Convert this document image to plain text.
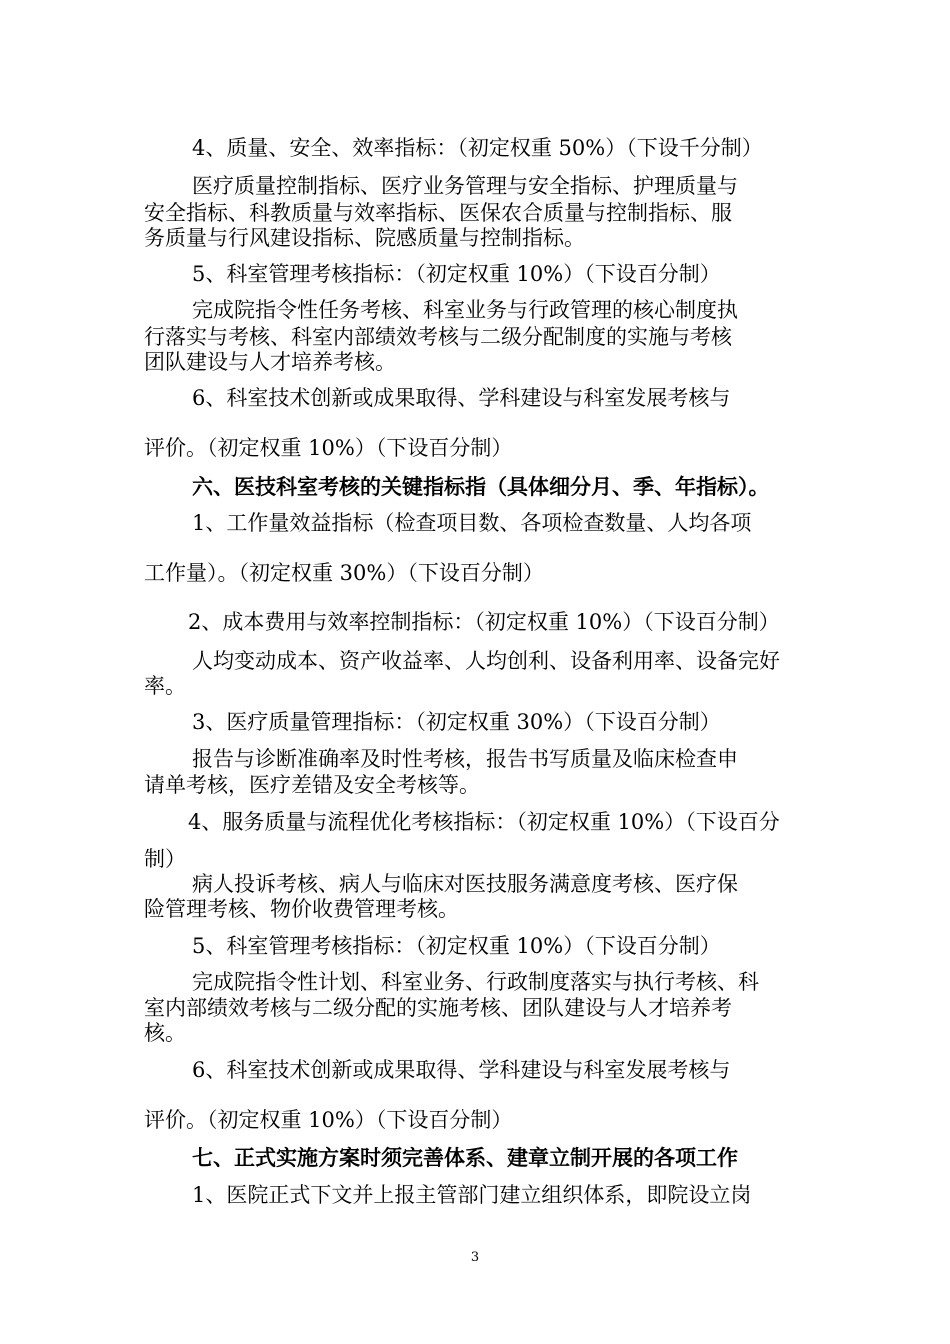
4、质量、安全、效率指标：（初定权重 50%）（下设千分制）
医疗质量控制指标、医疗业务管理与安全指标、护理质量与
安全指标、科教质量与效率指标、医保农合质量与控制指标、服
务质量与行风建设指标、院感质量与控制指标。
5、科室管理考核指标：（初定权重 10%）（下设百分制）
完成院指令性任务考核、科室业务与行政管理的核心制度执
行落实与考核、科室内部绩效考核与二级分配制度的实施与考核
团队建设与人才培养考核。
6、科室技术创新或成果取得、学科建设与科室发展考核与
评价。（初定权重 10%）（下设百分制）
六、医技科室考核的关键指标指（具体细分月、季、年指标）。
1、工作量效益指标（检查项目数、各项检查数量、人均各项
工作量）。（初定权重 30%）（下设百分制）
2、成本费用与效率控制指标：（初定权重 10%）（下设百分制）
人均变动成本、资产收益率、人均创利、设备利用率、设备完好
率。
3、医疗质量管理指标：（初定权重 30%）（下设百分制）
报告与诊断准确率及时性考核，报告书写质量及临床检查申
请单考核，医疗差错及安全考核等。
4、服务质量与流程优化考核指标：（初定权重 10%）（下设百分
制）
病人投诉考核、病人与临床对医技服务满意度考核、医疗保
险管理考核、物价收费管理考核。
5、科室管理考核指标：（初定权重 10%）（下设百分制）
完成院指令性计划、科室业务、行政制度落实与执行考核、科
室内部绩效考核与二级分配的实施考核、团队建设与人才培养考
核。
6、科室技术创新或成果取得、学科建设与科室发展考核与
评价。（初定权重 10%）（下设百分制）
七、正式实施方案时须完善体系、建章立制开展的各项工作
1、医院正式下文并上报主管部门建立组织体系，即院设立岗
3
